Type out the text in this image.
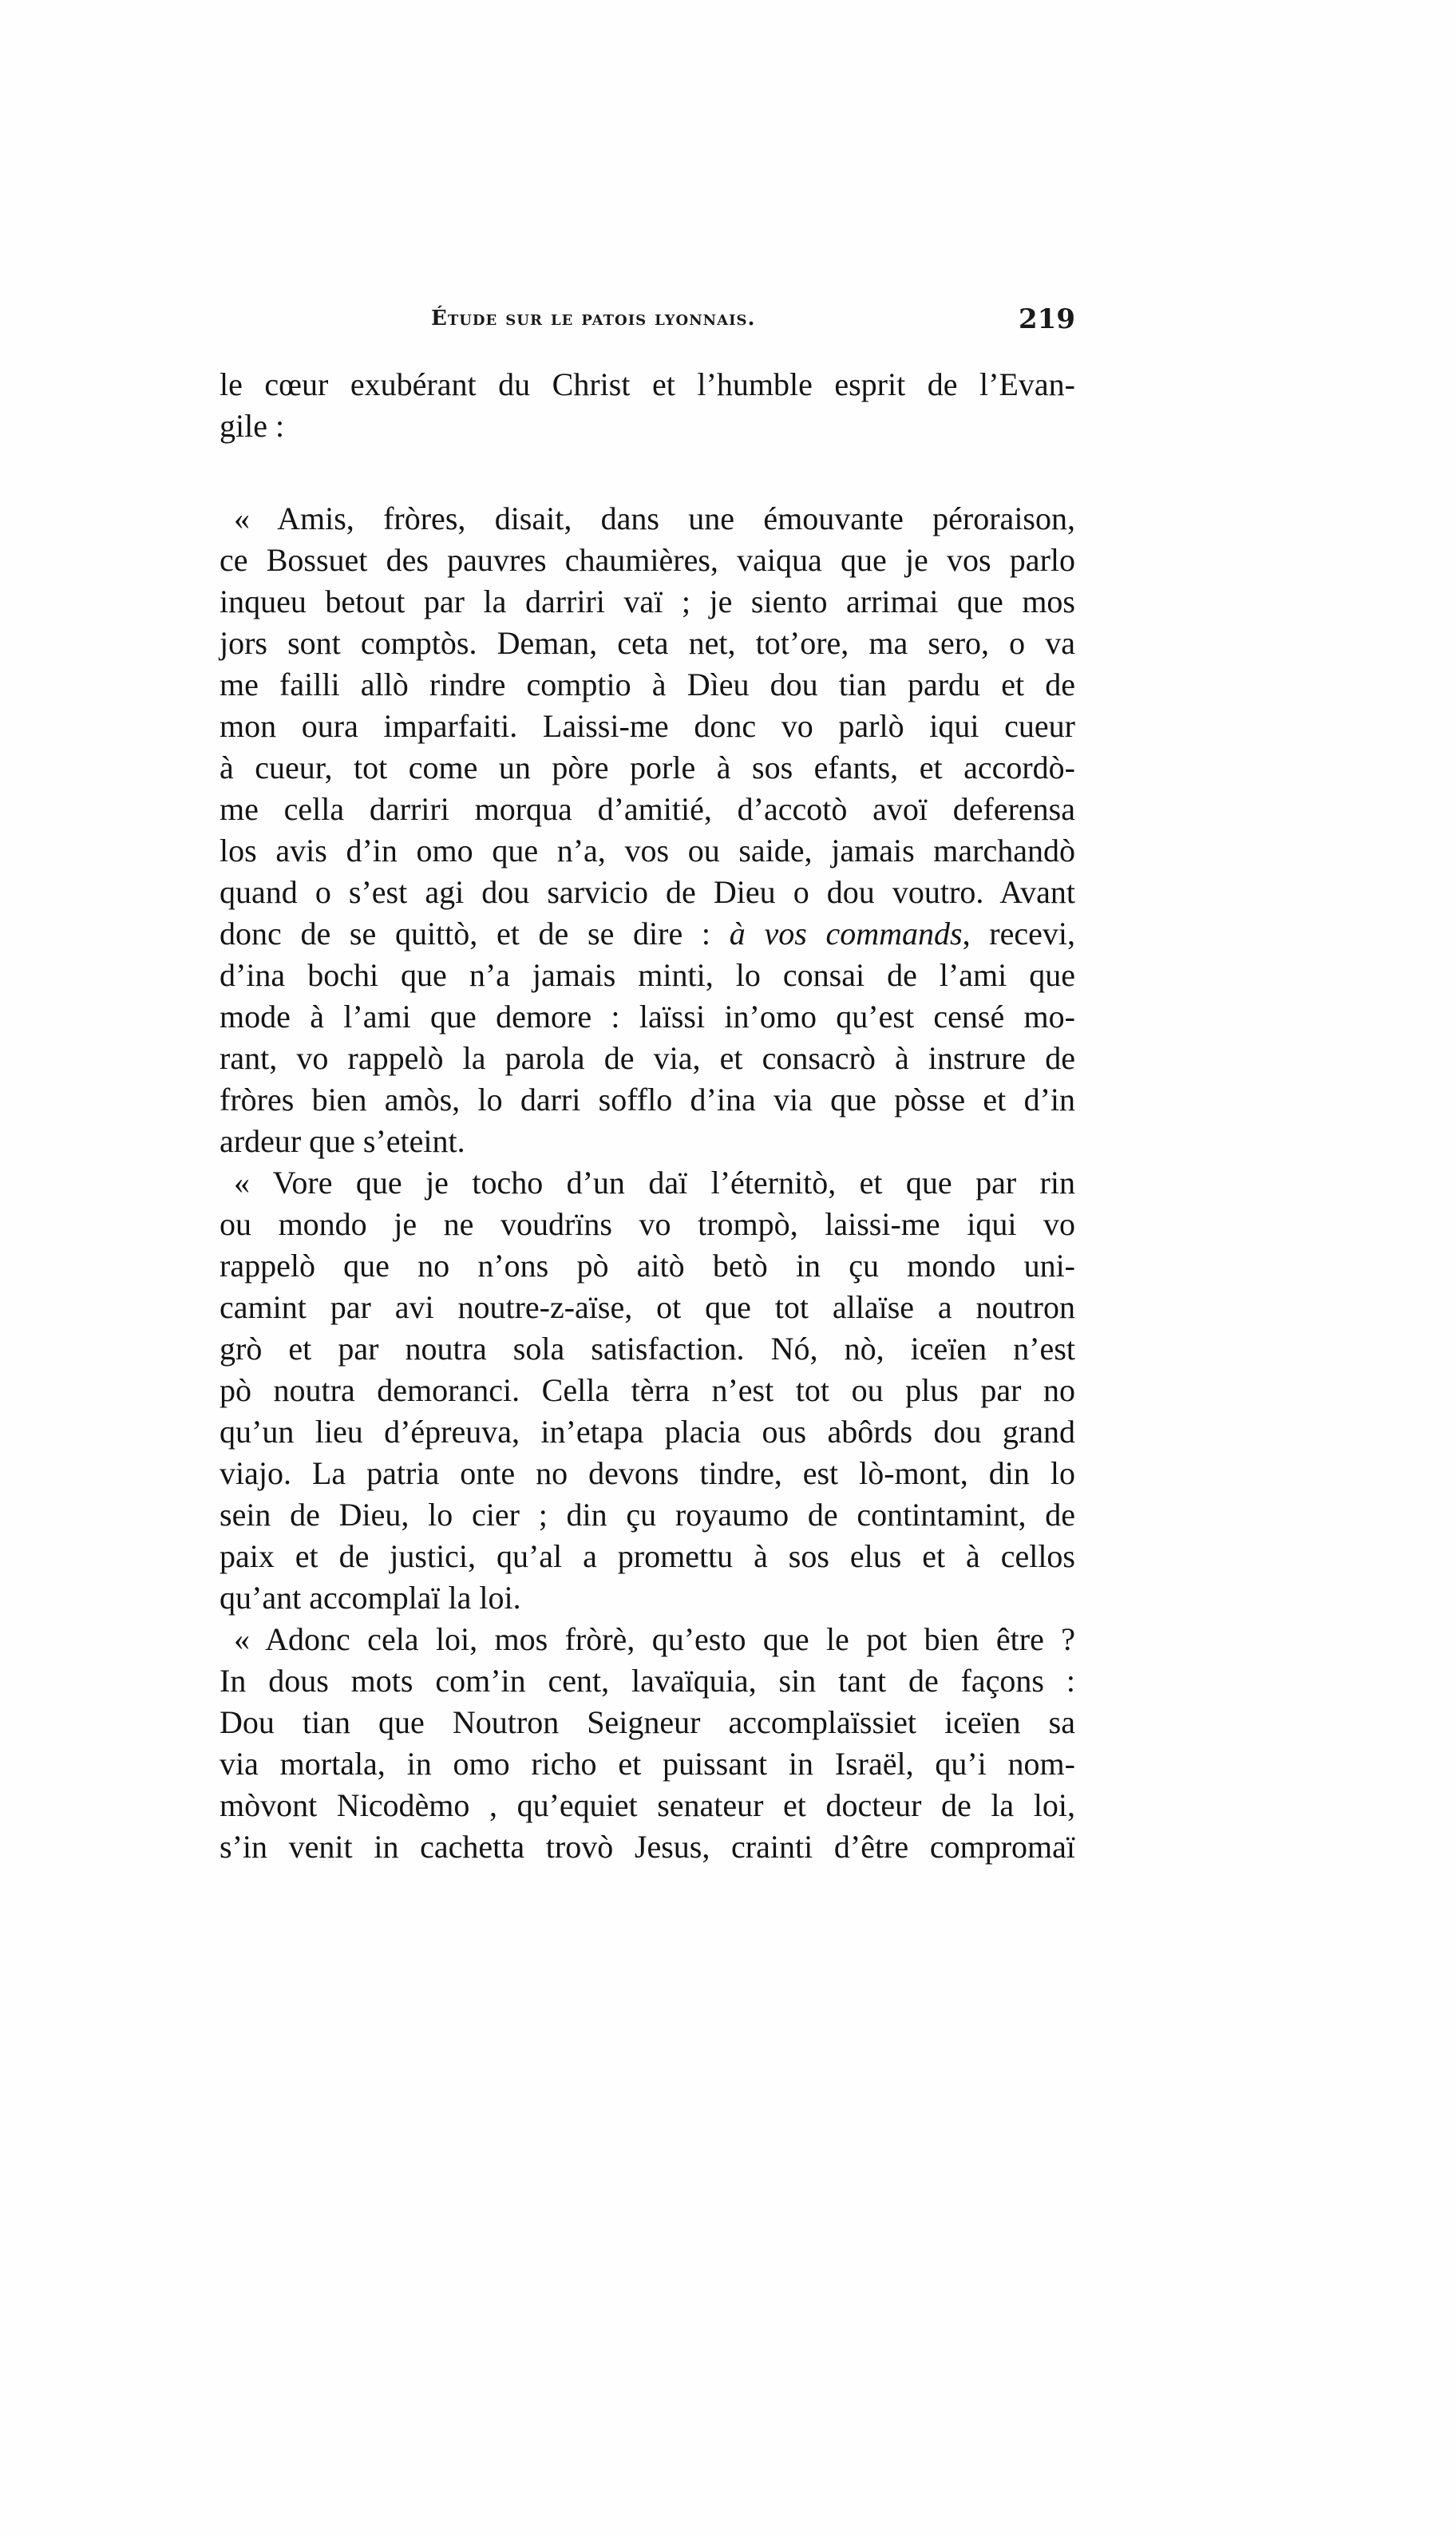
Étude sur le patois lyonnais.	219
le cœur exubérant du Christ et l’humble esprit de l’Evan-
gile :
« Amis, fròres, disait, dans une émouvante péroraison,
ce Bossuet des pauvres chaumières, vaiqua que je vos parlo
inqueu betout par la darriri vaï ; je siento arrimai que mos
jors sont comptòs. Deman, ceta net, tot’ore, ma sero, o va
me failli allò rindre comptio à Dìeu dou tian pardu et de
mon oura imparfaiti. Laissi-me donc vo parlò iqui cueur
à cueur, tot come un pòre porle à sos efants, et accordò-
me cella darriri morqua d’amitié, d’accotò avoï deferensa
los avis d’in omo que n’a, vos ou saide, jamais marchandò
quand o s’est agi dou sarvicio de Dieu o dou voutro. Avant
donc de se quittò, et de se dire : à vos commands, recevi,
d’ina bochi que n’a jamais minti, lo consai de l’ami que
mode à l’ami que demore : laïssi in’omo qu’est censé mo-
rant, vo rappelò la parola de via, et consacrò à instrure de
fròres bien amòs, lo darri sofflo d’ina via que pòsse et d’in
ardeur que s’eteint.
« Vore que je tocho d’un daï l’éternitò, et que par rin
ou mondo je ne voudrïns vo trompò, laissi-me iqui vo
rappelò que no n’ons pò aitò betò in çu mondo uni-
camint par avi noutre-z-aïse, ot que tot allaïse a noutron
grò et par noutra sola satisfaction. Nó, nò, iceïen n’est
pò noutra demoranci. Cella tèrra n’est tot ou plus par no
qu’un lieu d’épreuva, in’etapa placia ous abôrds dou grand
viajo. La patria onte no devons tindre, est lò-mont, din lo
sein de Dieu, lo cier ; din çu royaumo de contintamint, de
paix et de justici, qu’al a promettu à sos elus et à cellos
qu’ant accomplaï la loi.
« Adonc cela loi, mos fròrè, qu’esto que le pot bien être ?
In dous mots com’in cent, lavaïquia, sin tant de façons :
Dou tian que Noutron Seigneur accomplaïssiet iceïen sa
via mortala, in omo richo et puissant in Israël, qu’i nom-
mòvont Nicodèmo , qu’equiet senateur et docteur de la loi,
s’in venit in cachetta trovò Jesus, crainti d’être compromaï
